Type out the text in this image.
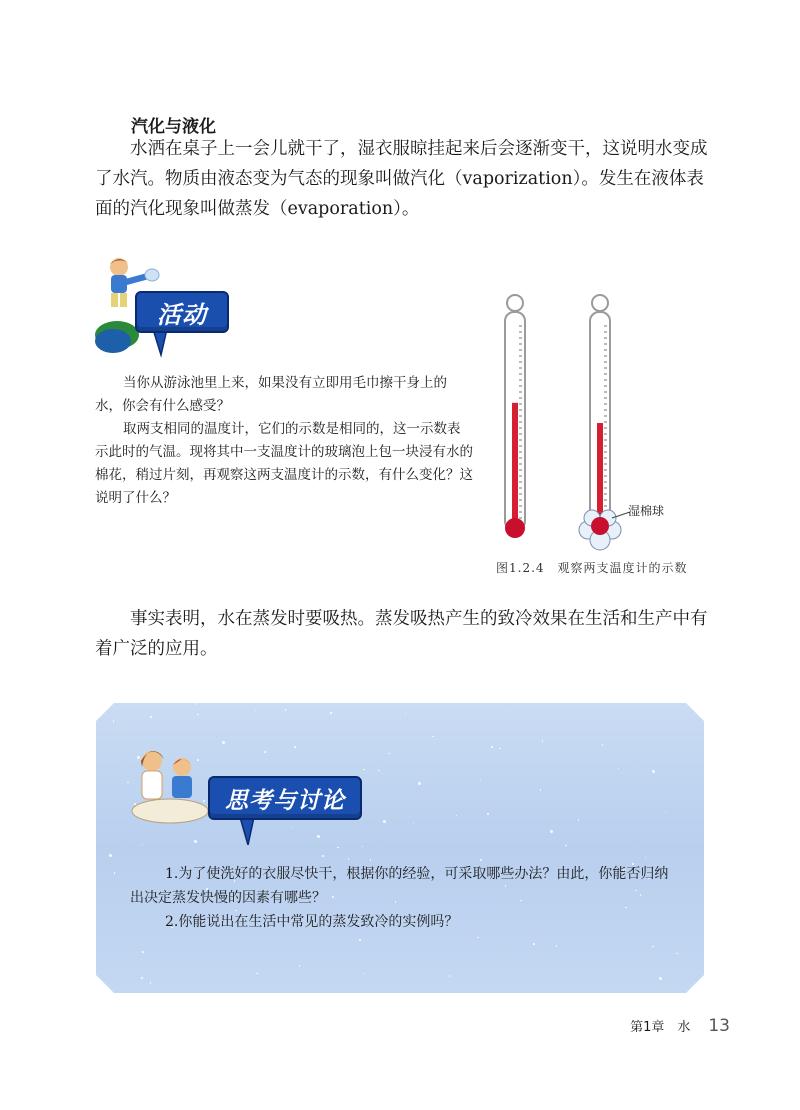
汽化与液化

水洒在桌子上一会儿就干了，湿衣服晾挂起来后会逐渐变干，这说明水变成了水汽。物质由液态变为气态的现象叫做汽化（vaporization）。发生在液体表面的汽化现象叫做蒸发（evaporation）。

活动

当你从游泳池里上来，如果没有立即用毛巾擦干身上的水，你会有什么感受？

取两支相同的温度计，它们的示数是相同的，这一示数表示此时的气温。现将其中一支温度计的玻璃泡上包一块浸有水的棉花，稍过片刻，再观察这两支温度计的示数，有什么变化？这说明了什么？

湿棉球
图1.2.4　观察两支温度计的示数

事实表明，水在蒸发时要吸热。蒸发吸热产生的致冷效果在生活和生产中有着广泛的应用。

思考与讨论

1.为了使洗好的衣服尽快干，根据你的经验，可采取哪些办法？由此，你能否归纳出决定蒸发快慢的因素有哪些？

2.你能说出在生活中常见的蒸发致冷的实例吗？

第1章　水 13
